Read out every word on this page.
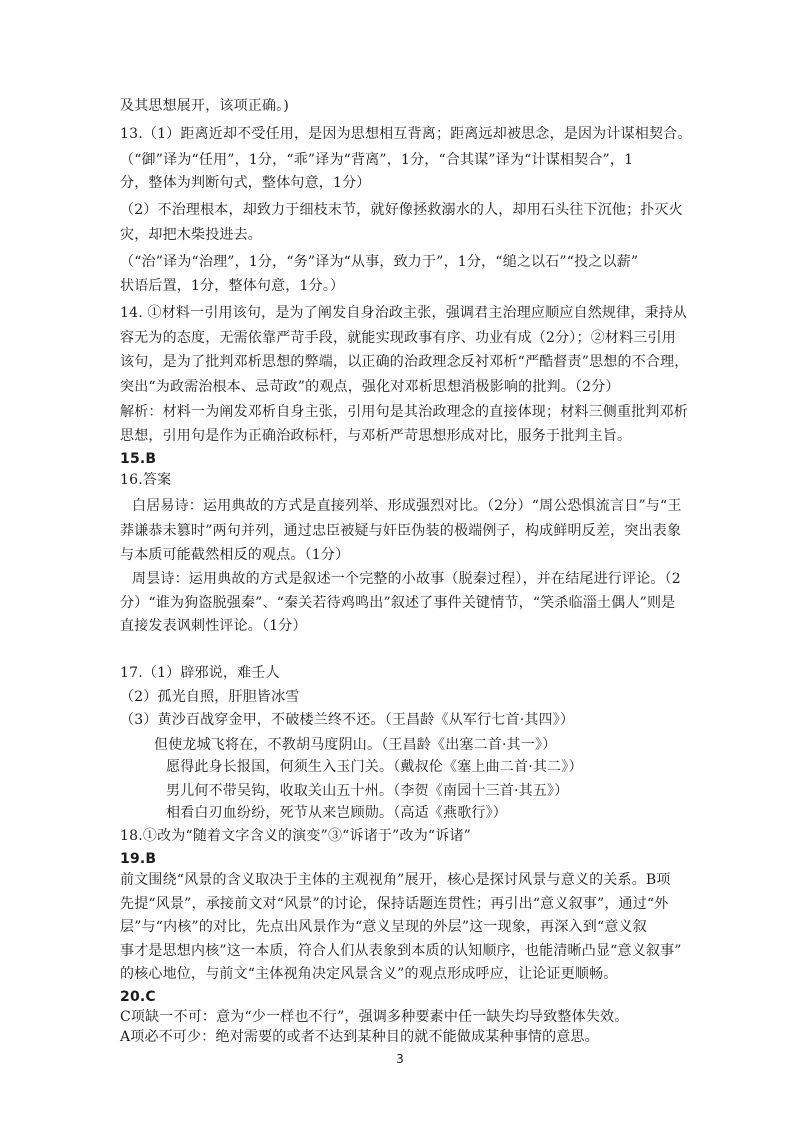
及其思想展开，该项正确。)
13.（1）距离近却不受任用，是因为思想相互背离；距离远却被思念，是因为计谋相契合。
（“御”译为“任用”，1分，“乖”译为“背离”，1分，“合其谋”译为“计谋相契合”，1
分，整体为判断句式，整体句意，1分）
（2）不治理根本，却致力于细枝末节，就好像拯救溺水的人，却用石头往下沉他；扑灭火
灾，却把木柴投进去。
（“治”译为“治理”，1分，“务”译为“从事，致力于”，1分，“缒之以石”“投之以薪”
状语后置，1分，整体句意，1分。）
14. ①材料一引用该句，是为了阐发自身治政主张，强调君主治理应顺应自然规律，秉持从
容无为的态度，无需依靠严苛手段，就能实现政事有序、功业有成（2分）；②材料三引用
该句，是为了批判邓析思想的弊端，以正确的治政理念反衬邓析“严酷督责”思想的不合理，
突出“为政需治根本、忌苛政”的观点，强化对邓析思想消极影响的批判。（2分）
解析：材料一为阐发邓析自身主张，引用句是其治政理念的直接体现；材料三侧重批判邓析
思想，引用句是作为正确治政标杆，与邓析严苛思想形成对比，服务于批判主旨。
15.B
16.答案
白居易诗：运用典故的方式是直接列举、形成强烈对比。（2分）“周公恐惧流言日”与“王
莽谦恭未篡时”两句并列，通过忠臣被疑与奸臣伪装的极端例子，构成鲜明反差，突出表象
与本质可能截然相反的观点。（1分）
周昙诗：运用典故的方式是叙述一个完整的小故事（脱秦过程），并在结尾进行评论。（2
分）“谁为狗盗脱强秦”、“秦关若待鸡鸣出”叙述了事件关键情节，“笑杀临淄土偶人”则是
直接发表讽刺性评论。（1分）
17.（1）辟邪说，难壬人
（2）孤光自照，肝胆皆冰雪
（3）黄沙百战穿金甲，不破楼兰终不还。（王昌龄《从军行七首·其四》）
但使龙城飞将在，不教胡马度阴山。（王昌龄《出塞二首·其一》）
愿得此身长报国，何须生入玉门关。（戴叔伦《塞上曲二首·其二》）
男儿何不带吴钩，收取关山五十州。（李贺《南园十三首·其五》）
相看白刃血纷纷，死节从来岂顾勋。（高适《燕歌行》）
18.①改为“随着文字含义的演变”③“诉诸于”改为“诉诸”
19.B
前文围绕“风景的含义取决于主体的主观视角”展开，核心是探讨风景与意义的关系。B项
先提“风景”，承接前文对“风景”的讨论，保持话题连贯性；再引出“意义叙事”，通过“外
层”与“内核”的对比，先点出风景作为“意义呈现的外层”这一现象，再深入到“意义叙
事才是思想内核”这一本质，符合人们从表象到本质的认知顺序，也能清晰凸显“意义叙事”
的核心地位，与前文“主体视角决定风景含义”的观点形成呼应，让论证更顺畅。
20.C
C项缺一不可：意为“少一样也不行”，强调多种要素中任一缺失均导致整体失效。
A项必不可少：绝对需要的或者不达到某种目的就不能做成某种事情的意思。
3
